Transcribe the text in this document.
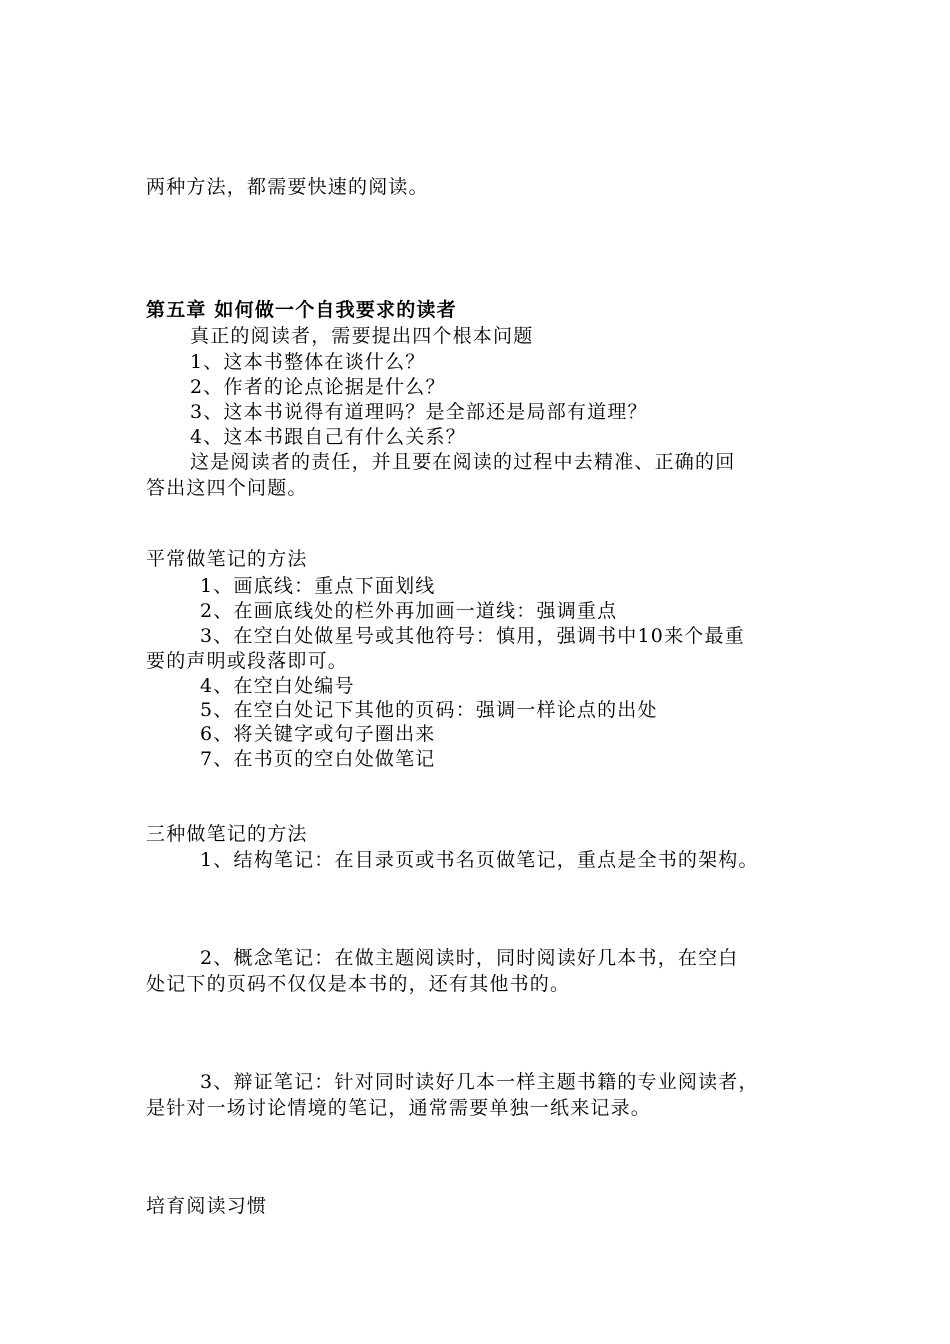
两种方法，都需要快速的阅读。
第五章 如何做一个自我要求的读者
真正的阅读者，需要提出四个根本问题
1、这本书整体在谈什么？
2、作者的论点论据是什么？
3、这本书说得有道理吗？是全部还是局部有道理？
4、这本书跟自己有什么关系？
这是阅读者的责任，并且要在阅读的过程中去精准、正确的回
答出这四个问题。
平常做笔记的方法
1、画底线：重点下面划线
2、在画底线处的栏外再加画一道线：强调重点
3、在空白处做星号或其他符号：慎用，强调书中10来个最重
要的声明或段落即可。
4、在空白处编号
5、在空白处记下其他的页码：强调一样论点的出处
6、将关键字或句子圈出来
7、在书页的空白处做笔记
三种做笔记的方法
1、结构笔记：在目录页或书名页做笔记，重点是全书的架构。
2、概念笔记：在做主题阅读时，同时阅读好几本书，在空白
处记下的页码不仅仅是本书的，还有其他书的。
3、辩证笔记：针对同时读好几本一样主题书籍的专业阅读者，
是针对一场讨论情境的笔记，通常需要单独一纸来记录。
培育阅读习惯
